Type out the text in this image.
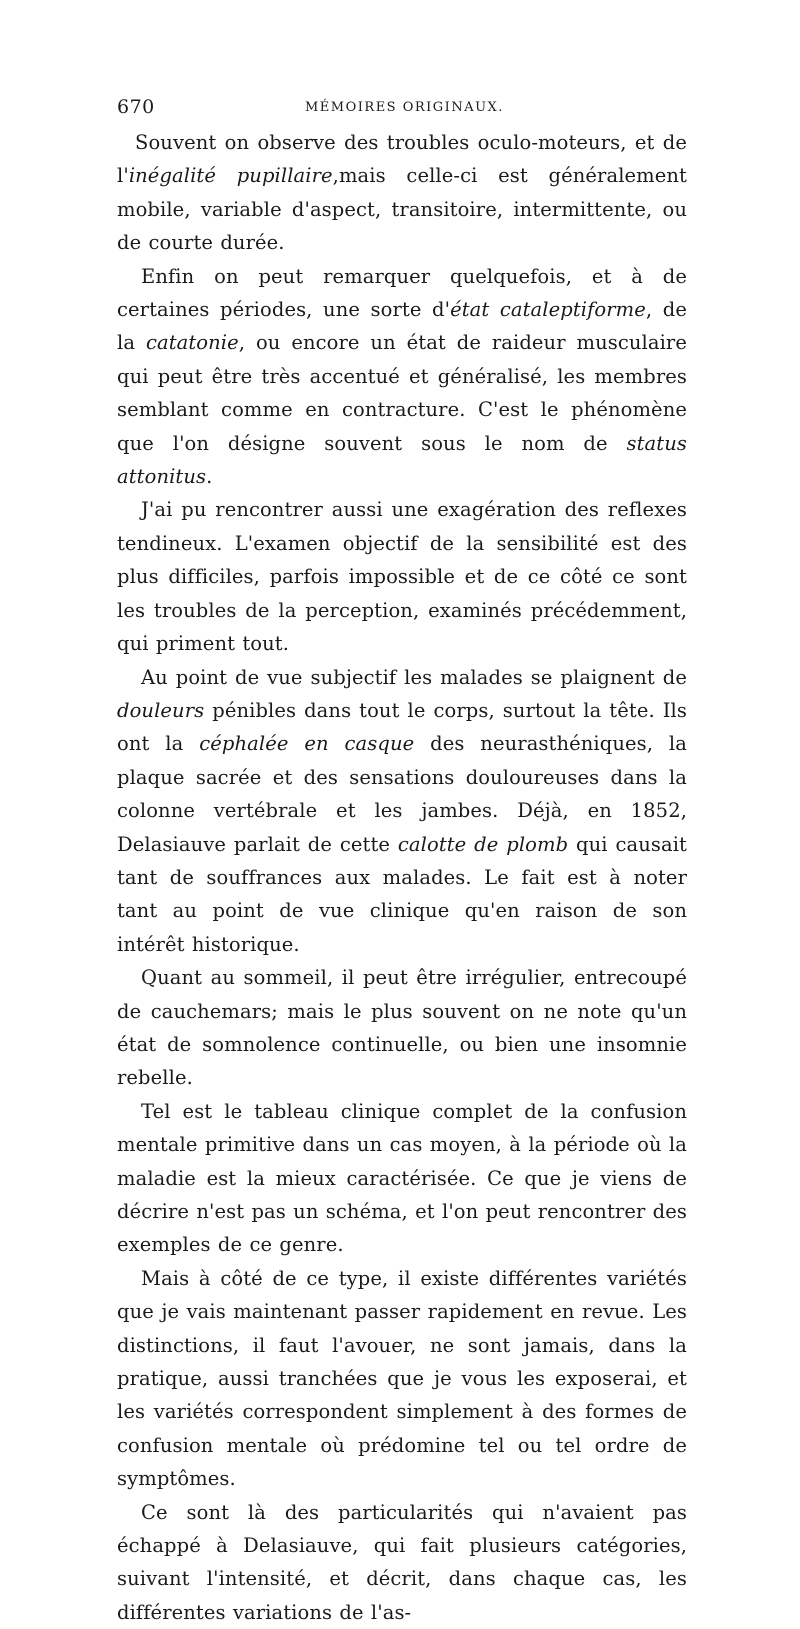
670	MÉMOIRES ORIGINAUX.

Souvent on observe des troubles oculo-moteurs, et de l'inégalité pupillaire,mais celle-ci est généralement mobile, variable d'aspect, transitoire, intermittente, ou de courte durée.

Enfin on peut remarquer quelquefois, et à de certaines périodes, une sorte d'état cataleptiforme, de la catatonie, ou encore un état de raideur musculaire qui peut être très accentué et généralisé, les membres semblant comme en contracture. C'est le phénomène que l'on désigne souvent sous le nom de status attonitus.

J'ai pu rencontrer aussi une exagération des reflexes tendineux. L'examen objectif de la sensibilité est des plus difficiles, parfois impossible et de ce côté ce sont les troubles de la perception, examinés précédemment, qui priment tout.

Au point de vue subjectif les malades se plaignent de douleurs pénibles dans tout le corps, surtout la tête. Ils ont la céphalée en casque des neurasthéniques, la plaque sacrée et des sensations douloureuses dans la colonne vertébrale et les jambes. Déjà, en 1852, Delasiauve parlait de cette calotte de plomb qui causait tant de souffrances aux malades. Le fait est à noter tant au point de vue clinique qu'en raison de son intérêt historique.

Quant au sommeil, il peut être irrégulier, entrecoupé de cauchemars; mais le plus souvent on ne note qu'un état de somnolence continuelle, ou bien une insomnie rebelle.

Tel est le tableau clinique complet de la confusion mentale primitive dans un cas moyen, à la période où la maladie est la mieux caractérisée. Ce que je viens de décrire n'est pas un schéma, et l'on peut rencontrer des exemples de ce genre.

Mais à côté de ce type, il existe différentes variétés que je vais maintenant passer rapidement en revue. Les distinctions, il faut l'avouer, ne sont jamais, dans la pratique, aussi tranchées que je vous les exposerai, et les variétés correspondent simplement à des formes de confusion mentale où prédomine tel ou tel ordre de symptômes.

Ce sont là des particularités qui n'avaient pas échappé à Delasiauve, qui fait plusieurs catégories, suivant l'intensité, et décrit, dans chaque cas, les différentes variations de l'as-
